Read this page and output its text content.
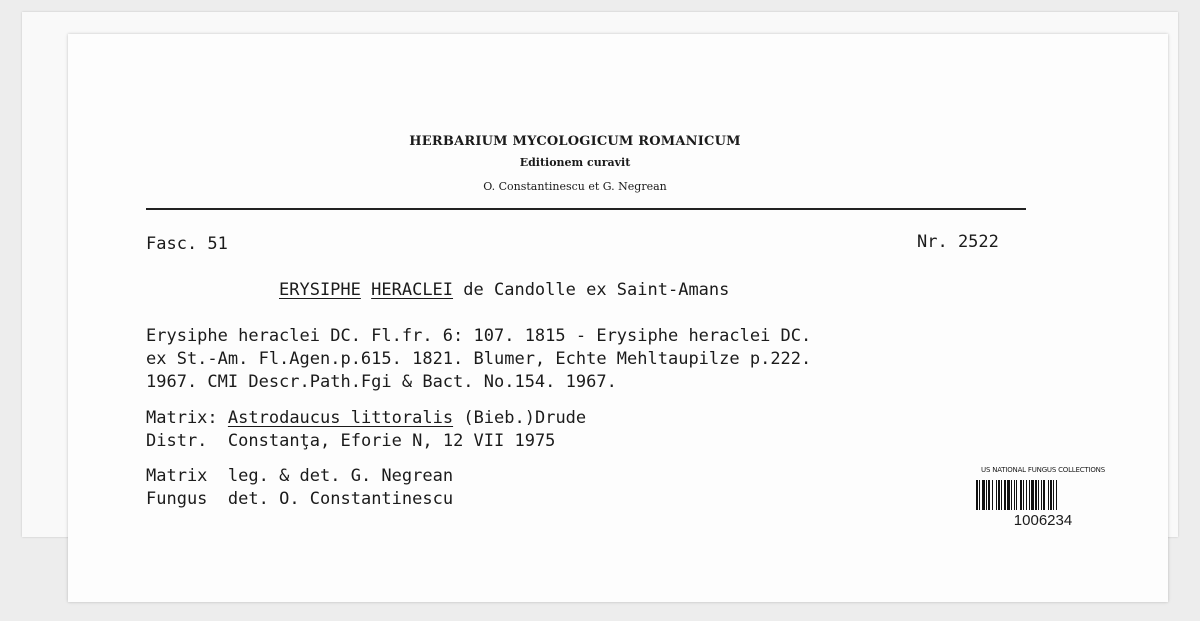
HERBARIUM MYCOLOGICUM ROMANICUM
Editionem curavit
O. Constantinescu et G. Negrean
Fasc. 51	Nr. 2522
ERYSIPHE HERACLEI de Candolle ex Saint-Amans
Erysiphe heraclei DC. Fl.fr. 6: 107. 1815 - Erysiphe heraclei DC.
ex St.-Am. Fl.Agen.p.615. 1821. Blumer, Echte Mehltaupilze p.222.
1967. CMI Descr.Path.Fgi & Bact. No.154. 1967.
Matrix: Astrodaucus littoralis (Bieb.)Drude
Distr. Constanţa, Eforie N, 12 VII 1975
Matrix leg. & det. G. Negrean
Fungus det. O. Constantinescu
US NATIONAL FUNGUS COLLECTIONS
1006234
